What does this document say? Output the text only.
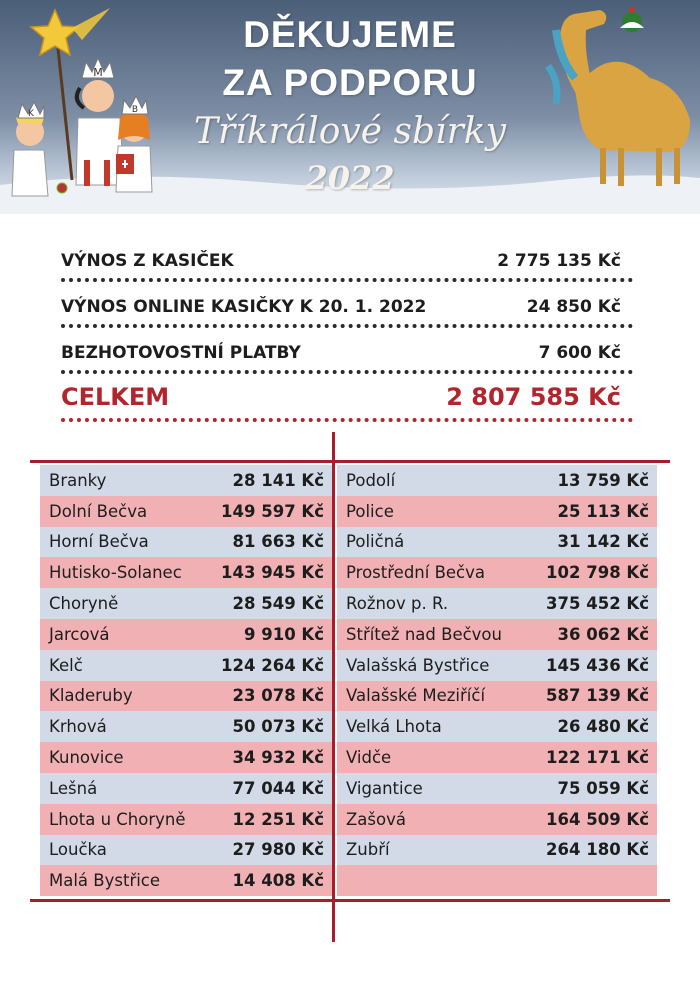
M
K	B
DĚKUJEME
ZA PODPORU
Tříkrálové sbírky
2022
VÝNOS Z KASIČEK	2 775 135 Kč
VÝNOS ONLINE KASIČKY K 20. 1. 2022	24 850 Kč
BEZHOTOVOSTNÍ PLATBY	7 600 Kč
CELKEM	2 807 585 Kč
Branky	28 141 Kč
Dolní Bečva	149 597 Kč
Horní Bečva	81 663 Kč
Hutisko-Solanec 143 945 Kč
Choryně	28 549 Kč
Jarcová	9 910 Kč
Kelč	124 264 Kč
Kladeruby	23 078 Kč
Krhová	50 073 Kč
Kunovice	34 932 Kč
Lešná	77 044 Kč
Lhota u Choryně	12 251 Kč
Loučka	27 980 Kč
Malá Bystřice	14 408 Kč
Podolí	13 759 Kč
Police	25 113 Kč
Poličná	31 142 Kč
Prostřední Bečva	102 798 Kč
Rožnov p. R.	375 452 Kč
Střítež nad Bečvou	36 062 Kč
Valašská Bystřice	145 436 Kč
Valašské Meziříčí	587 139 Kč
Velká Lhota	26 480 Kč
Vidče	122 171 Kč
Vigantice	75 059 Kč
Zašová	164 509 Kč
Zubří	264 180 Kč
